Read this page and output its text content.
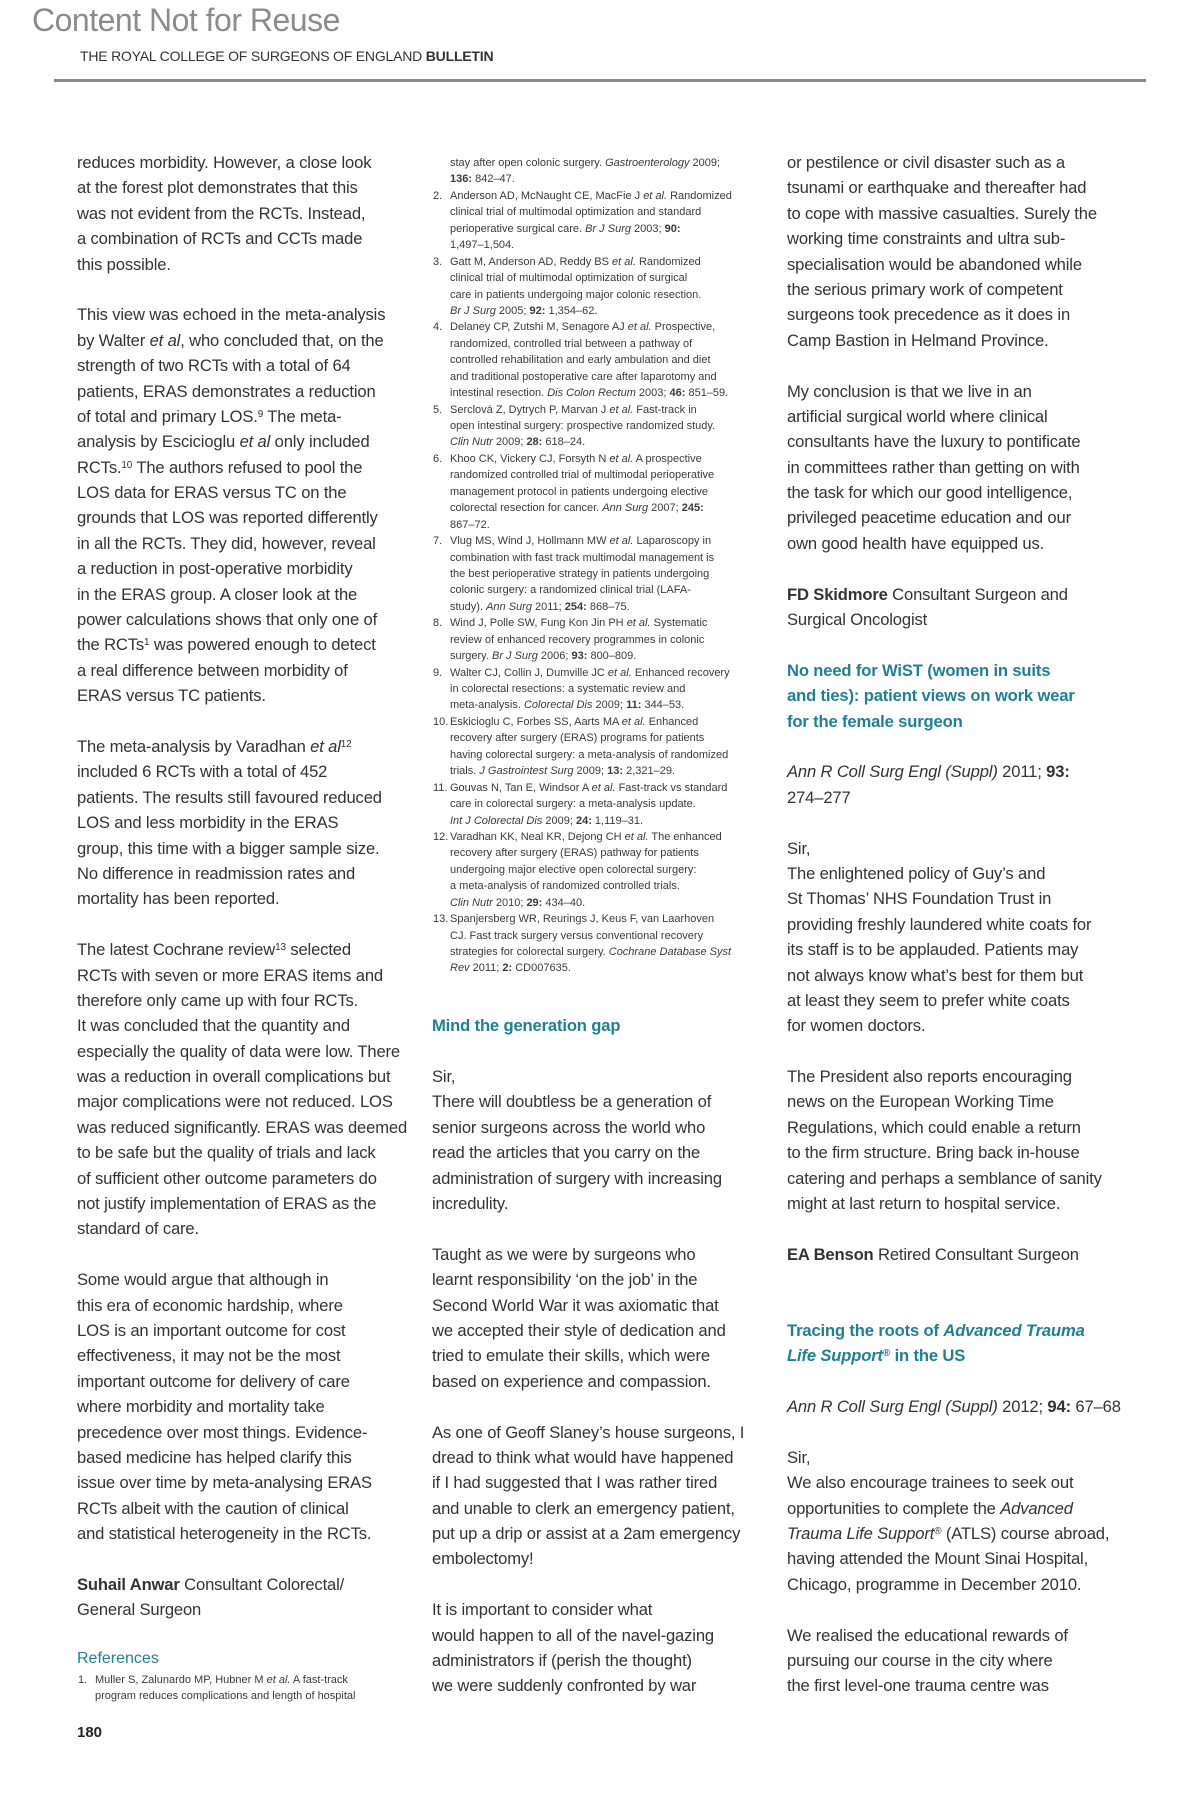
Content Not for Reuse
THE ROYAL COLLEGE OF SURGEONS OF ENGLAND BULLETIN
reduces morbidity. However, a close look
at the forest plot demonstrates that this
was not evident from the RCTs. Instead,
a combination of RCTs and CCTs made
this possible.
This view was echoed in the meta-analysis
by Walter et al, who concluded that, on the
strength of two RCTs with a total of 64
patients, ERAS demonstrates a reduction
of total and primary LOS.$^9$ The meta-
analysis by Escicioglu et al only included
RCTs.$^{10}$ The authors refused to pool the
LOS data for ERAS versus TC on the
grounds that LOS was reported differently
in all the RCTs. They did, however, reveal
a reduction in post-operative morbidity
in the ERAS group. A closer look at the
power calculations shows that only one of
the RCTs$^1$ was powered enough to detect
a real difference between morbidity of
ERAS versus TC patients.
The meta-analysis by Varadhan et $al^{12}$
included 6 RCTs with a total of 452
patients. The results still favoured reduced
LOS and less morbidity in the ERAS
group, this time with a bigger sample size.
No difference in readmission rates and
mortality has been reported.
The latest Cochrane review$^{13}$ selected
RCTs with seven or more ERAS items and
therefore only came up with four RCTs.
It was concluded that the quantity and
especially the quality of data were low. There
was a reduction in overall complications but
major complications were not reduced. LOS
was reduced significantly. ERAS was deemed
to be safe but the quality of trials and lack
of sufficient other outcome parameters do
not justify implementation of ERAS as the
standard of care.
Some would argue that although in
this era of economic hardship, where
LOS is an important outcome for cost
effectiveness, it may not be the most
important outcome for delivery of care
where morbidity and mortality take
precedence over most things. Evidence-
based medicine has helped clarify this
issue over time by meta-analysing ERAS
RCTs albeit with the caution of clinical
and statistical heterogeneity in the RCTs.
Suhail Anwar Consultant Colorectal/
General Surgeon
References
1. Muller S, Zalunardo MP, Hubner M et al. A fast-track
program reduces complications and length of hospital
stay after open colonic surgery. Gastroenterology 2009;
136: 842–47.
2. Anderson AD, McNaught CE, MacFie J et al. Randomized
clinical trial of multimodal optimization and standard
perioperative surgical care. Br J Surg 2003; 90:
1,497–1,504.
3. Gatt M, Anderson AD, Reddy BS et al. Randomized
clinical trial of multimodal optimization of surgical
care in patients undergoing major colonic resection.
Br J Surg 2005; 92: 1,354–62.
4. Delaney CP, Zutshi M, Senagore AJ et al. Prospective,
randomized, controlled trial between a pathway of
controlled rehabilitation and early ambulation and diet
and traditional postoperative care after laparotomy and
intestinal resection. Dis Colon Rectum 2003; 46: 851–59.
5. Serclová Z, Dytrych P, Marvan J et al. Fast-track in
open intestinal surgery: prospective randomized study.
Clin Nutr 2009; 28: 618–24.
6. Khoo CK, Vickery CJ, Forsyth N et al. A prospective
randomized controlled trial of multimodal perioperative
management protocol in patients undergoing elective
colorectal resection for cancer. Ann Surg 2007; 245:
867–72.
7. Vlug MS, Wind J, Hollmann MW et al. Laparoscopy in
combination with fast track multimodal management is
the best perioperative strategy in patients undergoing
colonic surgery: a randomized clinical trial (LAFA-
study). Ann Surg 2011; 254: 868–75.
8. Wind J, Polle SW, Fung Kon Jin PH et al. Systematic
review of enhanced recovery programmes in colonic
surgery. Br J Surg 2006; 93: 800–809.
9. Walter CJ, Collin J, Dumville JC et al. Enhanced recovery
in colorectal resections: a systematic review and
meta-analysis. Colorectal Dis 2009; 11: 344–53.
10. Eskicioglu C, Forbes SS, Aarts MA et al. Enhanced
recovery after surgery (ERAS) programs for patients
having colorectal surgery: a meta-analysis of randomized
trials. J Gastrointest Surg 2009; 13: 2,321–29.
11. Gouvas N, Tan E, Windsor A et al. Fast-track vs standard
care in colorectal surgery: a meta-analysis update.
Int J Colorectal Dis 2009; 24: 1,119–31.
12. Varadhan KK, Neal KR, Dejong CH et al. The enhanced
recovery after surgery (ERAS) pathway for patients
undergoing major elective open colorectal surgery:
a meta-analysis of randomized controlled trials.
Clin Nutr 2010; 29: 434–40.
13. Spanjersberg WR, Reurings J, Keus F, van Laarhoven
CJ. Fast track surgery versus conventional recovery
strategies for colorectal surgery. Cochrane Database Syst
Rev 2011; 2: CD007635.
Mind the generation gap
Sir,
There will doubtless be a generation of
senior surgeons across the world who
read the articles that you carry on the
administration of surgery with increasing
incredulity.
Taught as we were by surgeons who
learnt responsibility ‘on the job’ in the
Second World War it was axiomatic that
we accepted their style of dedication and
tried to emulate their skills, which were
based on experience and compassion.
As one of Geoff Slaney’s house surgeons, I
dread to think what would have happened
if I had suggested that I was rather tired
and unable to clerk an emergency patient,
put up a drip or assist at a 2am emergency
embolectomy!
It is important to consider what
would happen to all of the navel-gazing
administrators if (perish the thought)
we were suddenly confronted by war
or pestilence or civil disaster such as a
tsunami or earthquake and thereafter had
to cope with massive casualties. Surely the
working time constraints and ultra sub-
specialisation would be abandoned while
the serious primary work of competent
surgeons took precedence as it does in
Camp Bastion in Helmand Province.
My conclusion is that we live in an
artificial surgical world where clinical
consultants have the luxury to pontificate
in committees rather than getting on with
the task for which our good intelligence,
privileged peacetime education and our
own good health have equipped us.
FD Skidmore Consultant Surgeon and
Surgical Oncologist
No need for WiST (women in suits
and ties): patient views on work wear
for the female surgeon
Ann R Coll Surg Engl (Suppl) 2011; 93:
274–277
Sir,
The enlightened policy of Guy’s and
St Thomas’ NHS Foundation Trust in
providing freshly laundered white coats for
its staff is to be applauded. Patients may
not always know what’s best for them but
at least they seem to prefer white coats
for women doctors.
The President also reports encouraging
news on the European Working Time
Regulations, which could enable a return
to the firm structure. Bring back in-house
catering and perhaps a semblance of sanity
might at last return to hospital service.
EA Benson Retired Consultant Surgeon
Tracing the roots of Advanced Trauma
Life Support® in the US
Ann R Coll Surg Engl (Suppl) 2012; 94: 67–68
Sir,
We also encourage trainees to seek out
opportunities to complete the Advanced
Trauma Life Support® (ATLS) course abroad,
having attended the Mount Sinai Hospital,
Chicago, programme in December 2010.
We realised the educational rewards of
pursuing our course in the city where
the first level-one trauma centre was
180
